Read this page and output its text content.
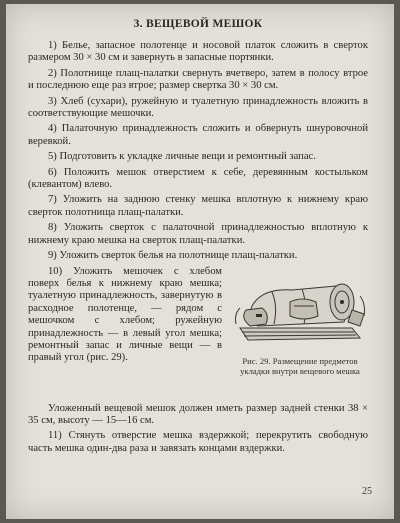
3. ВЕЩЕВОЙ МЕШОК

1) Белье, запасное полотенце и носовой платок сложить в сверток размером 30 × 30 см и завернуть в запасные портянки.

2) Полотнище плащ-палатки свернуть вчетверо, затем в полосу втрое и последнюю еще раз втрое; размер свертка 30 × 30 см.

3) Хлеб (сухари), ружейную и туалетную принадлежность вложить в соответствующие мешочки.

4) Палаточную принадлежность сложить и обвернуть шнуровочной веревкой.

5) Подготовить к укладке личные вещи и ремонтный запас.

6) Положить мешок отверстием к себе, деревянным костыльком (клевантом) влево.

7) Уложить на заднюю стенку мешка вплотную к нижнему краю сверток полотнища плащ-палатки.

8) Уложить сверток с палаточной принадлежностью вплотную к нижнему краю мешка на сверток плащ-палатки.

9) Уложить сверток белья на полотнище плащ-палатки.

10) Уложить мешочек с хлебом поверх белья к нижнему краю мешка; туалетную принадлежность, завернутую в расходное полотенце, — рядом с мешочком с хлебом; ружейную принадлежность — в левый угол мешка; ремонтный запас и личные вещи — в правый угол (рис. 29).	Рис. 29. Размещение предметов укладки внутри вещевого мешка

Уложенный вещевой мешок должен иметь размер задней стенки 38 × 35 см, высоту — 15—16 см.

11) Стянуть отверстие мешка вздержкой; перекрутить свободную часть мешка один-два раза и завязать концами вздержки.

25
